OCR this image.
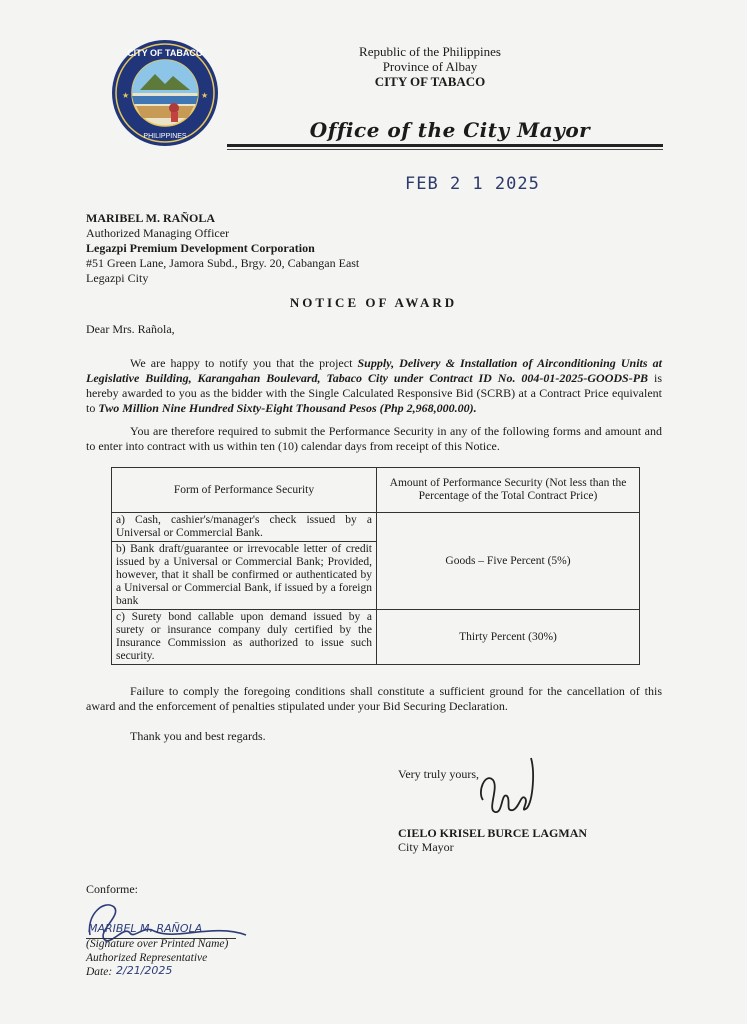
CITY OF TABACO
PHILIPPINES
★	★
Republic of the Philippines
Province of Albay
CITY OF TABACO
Office of the City Mayor
FEB 2 1 2025
MARIBEL M. RAÑOLA
Authorized Managing Officer
Legazpi Premium Development Corporation
#51 Green Lane, Jamora Subd., Brgy. 20, Cabangan East
Legazpi City
NOTICE OF AWARD
Dear Mrs. Rañola,
We are happy to notify you that the project Supply, Delivery & Installation of Airconditioning Units at Legislative Building, Karangahan Boulevard, Tabaco City under Contract ID No. 004-01-2025-GOODS-PB is hereby awarded to you as the bidder with the Single Calculated Responsive Bid (SCRB) at a Contract Price equivalent to Two Million Nine Hundred Sixty-Eight Thousand Pesos (Php 2,968,000.00).
You are therefore required to submit the Performance Security in any of the following forms and amount and to enter into contract with us within ten (10) calendar days from receipt of this Notice.
Form of Performance Security	Amount of Performance Security (Not less than the Percentage of the Total Contract Price)
a) Cash, cashier's/manager's check issued by a Universal or Commercial Bank.	Goods – Five Percent (5%)
b) Bank draft/guarantee or irrevocable letter of credit issued by a Universal or Commercial Bank; Provided, however, that it shall be confirmed or authenticated by a Universal or Commercial Bank, if issued by a foreign bank	
c) Surety bond callable upon demand issued by a surety or insurance company duly certified by the Insurance Commission as authorized to issue such security.	Thirty Percent (30%)
Failure to comply the foregoing conditions shall constitute a sufficient ground for the cancellation of this award and the enforcement of penalties stipulated under your Bid Securing Declaration.
Thank you and best regards.
Very truly yours,
CIELO KRISEL BURCE LAGMAN
City Mayor
Conforme:
MARIBEL M. RAÑOLA
(Signature over Printed Name)
Authorized Representative
Date: 2/21/2025
